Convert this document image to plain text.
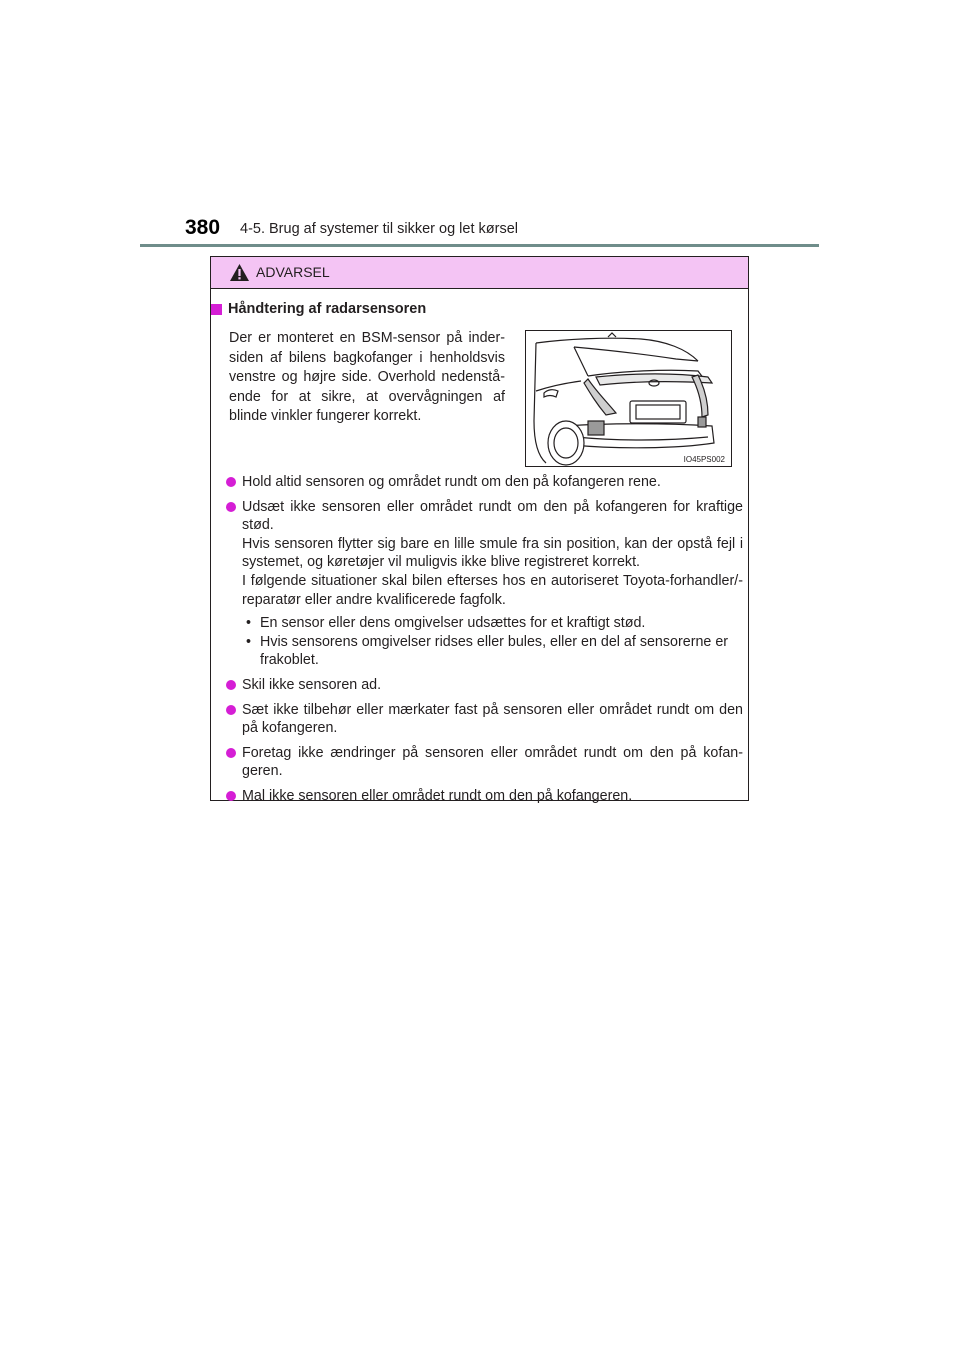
380 4-5. Brug af systemer til sikker og let kørsel
ADVARSEL
Håndtering af radarsensoren
Der er monteret en BSM-sensor på inder-siden af bilens bagkofanger i henholdsvis venstre og højre side. Overhold nedenstå-ende for at sikre, at overvågningen af blinde vinkler fungerer korrekt.
IO45PS002
Hold altid sensoren og området rundt om den på kofangeren rene.
Udsæt ikke sensoren eller området rundt om den på kofangeren for kraftige stød.
Hvis sensoren flytter sig bare en lille smule fra sin position, kan der opstå fejl i systemet, og køretøjer vil muligvis ikke blive registreret korrekt.
I følgende situationer skal bilen efterses hos en autoriseret Toyota-forhandler/-reparatør eller andre kvalificerede fagfolk.
• En sensor eller dens omgivelser udsættes for et kraftigt stød.
• Hvis sensorens omgivelser ridses eller bules, eller en del af sensorerne er frakoblet.
Skil ikke sensoren ad.
Sæt ikke tilbehør eller mærkater fast på sensoren eller området rundt om den på kofangeren.
Foretag ikke ændringer på sensoren eller området rundt om den på kofan-geren.
Mal ikke sensoren eller området rundt om den på kofangeren.
